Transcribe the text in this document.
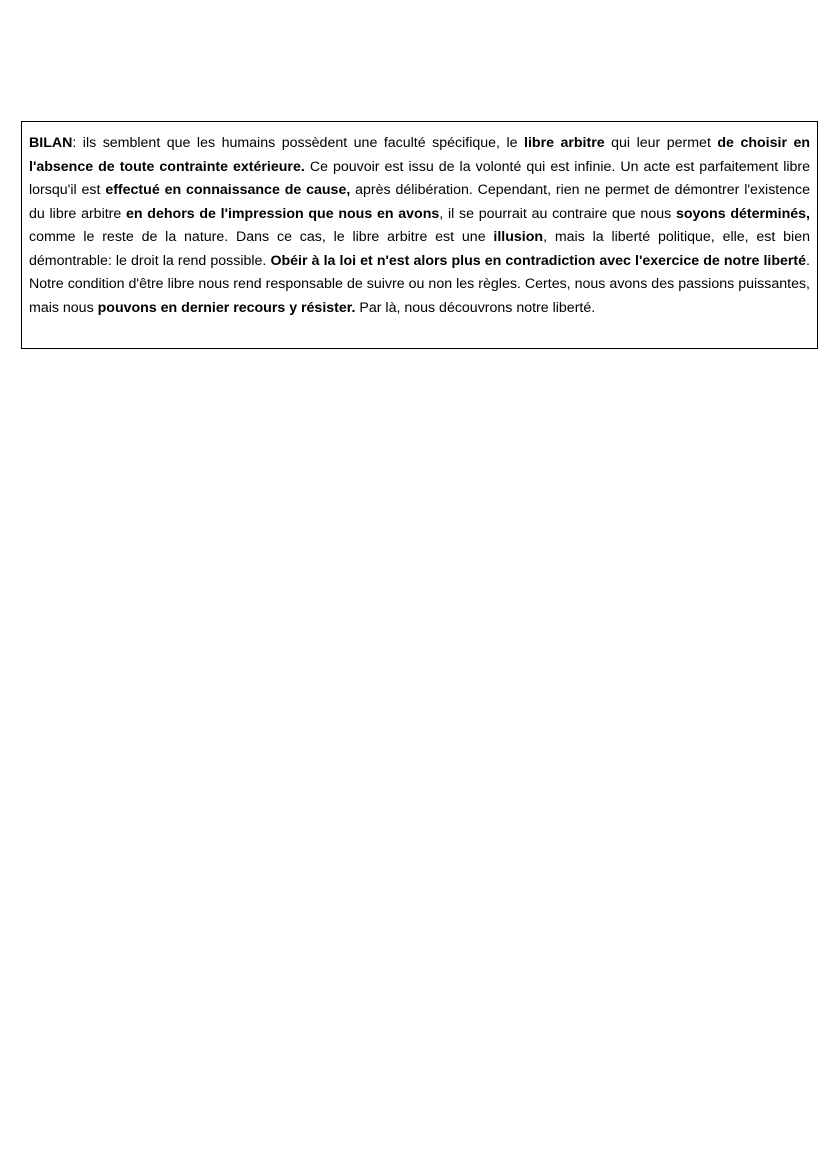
BILAN: ils semblent que les humains possèdent une faculté spécifique, le libre arbitre qui leur permet de choisir en l'absence de toute contrainte extérieure. Ce pouvoir est issu de la volonté qui est infinie. Un acte est parfaitement libre lorsqu'il est effectué en connaissance de cause, après délibération. Cependant, rien ne permet de démontrer l'existence du libre arbitre en dehors de l'impression que nous en avons, il se pourrait au contraire que nous soyons déterminés, comme le reste de la nature. Dans ce cas, le libre arbitre est une illusion, mais la liberté politique, elle, est bien démontrable: le droit la rend possible. Obéir à la loi et n'est alors plus en contradiction avec l'exercice de notre liberté. Notre condition d'être libre nous rend responsable de suivre ou non les règles. Certes, nous avons des passions puissantes, mais nous pouvons en dernier recours y résister. Par là, nous découvrons notre liberté.
